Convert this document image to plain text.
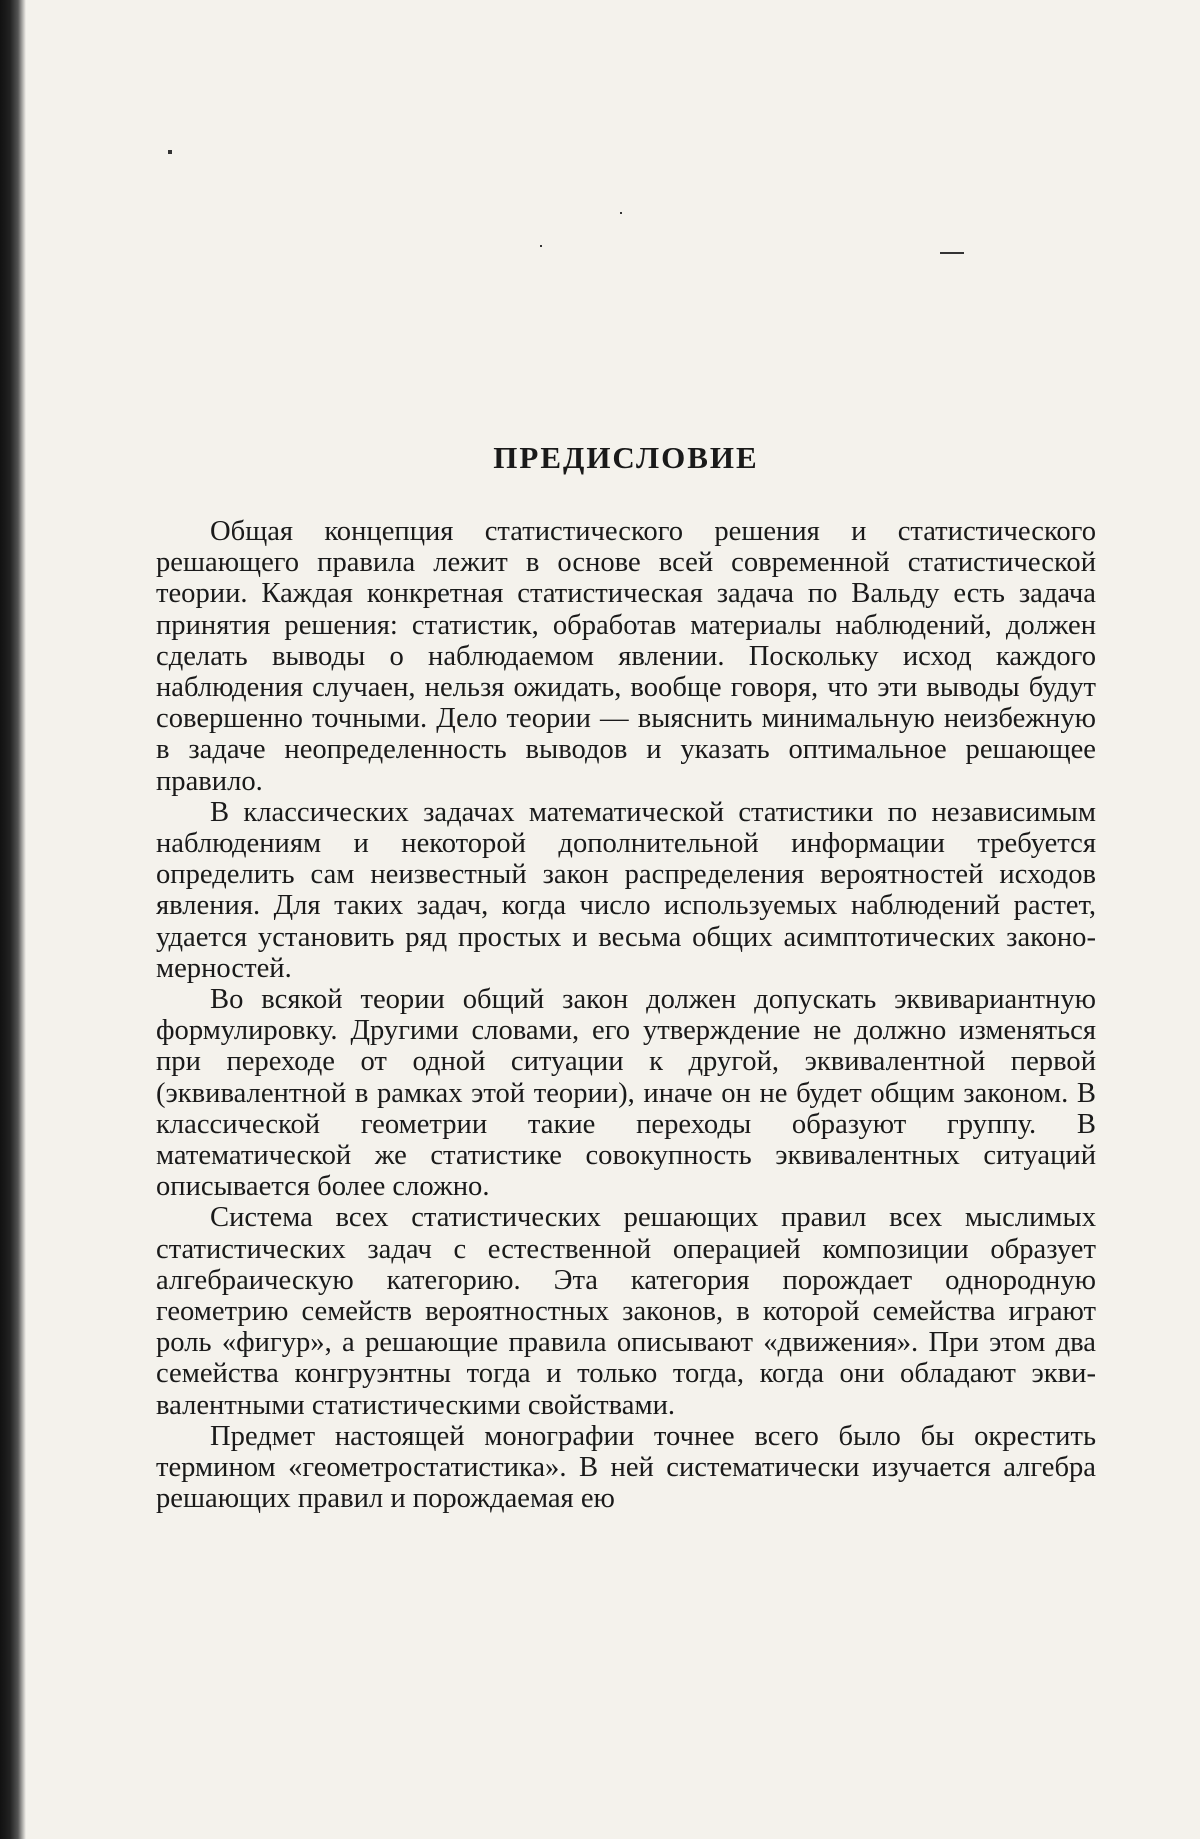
ПРЕДИСЛОВИЕ

Общая концепция статистического решения и статистического решающего правила лежит в основе всей современной статистической теории. Каждая конкретная статистическая задача по Вальду есть задача принятия решения: статистик, обработав материалы наблюдений, должен сделать выводы о наблюдаемом явлении. Поскольку исход каждого наблюдения случаен, нельзя ожидать, вообще говоря, что эти выводы будут совершенно точными. Дело теории — выяснить минимальную неизбежную в задаче неопределенность выводов и указать оптимальное решающее правило.

В классических задачах математической статистики по независимым наблюдениям и некоторой дополнительной информации требуется определить сам неизвестный закон распределения вероятностей исходов явления. Для таких задач, когда число используемых наблюдений растет, удается установить ряд простых и весьма общих асимптотических закономерностей.

Во всякой теории общий закон должен допускать эквивариантную формулировку. Другими словами, его утверждение не должно изменяться при переходе от одной ситуации к другой, эквивалентной первой (эквивалентной в рамках этой теории), иначе он не будет общим законом. В классической геометрии такие переходы образуют группу. В математической же статистике совокупность эквивалентных ситуаций описывается более сложно.

Система всех статистических решающих правил всех мыслимых статистических задач с естественной операцией композиции образует алгебраическую категорию. Эта категория порождает однородную геометрию семейств вероятностных законов, в которой семейства играют роль «фигур», а решающие правила описывают «движения». При этом два семейства конгруэнтны тогда и только тогда, когда они обладают эквивалентными статистическими свойствами.

Предмет настоящей монографии точнее всего было бы окрестить термином «геометростатистика». В ней систематически изучается алгебра решающих правил и порождаемая ею
